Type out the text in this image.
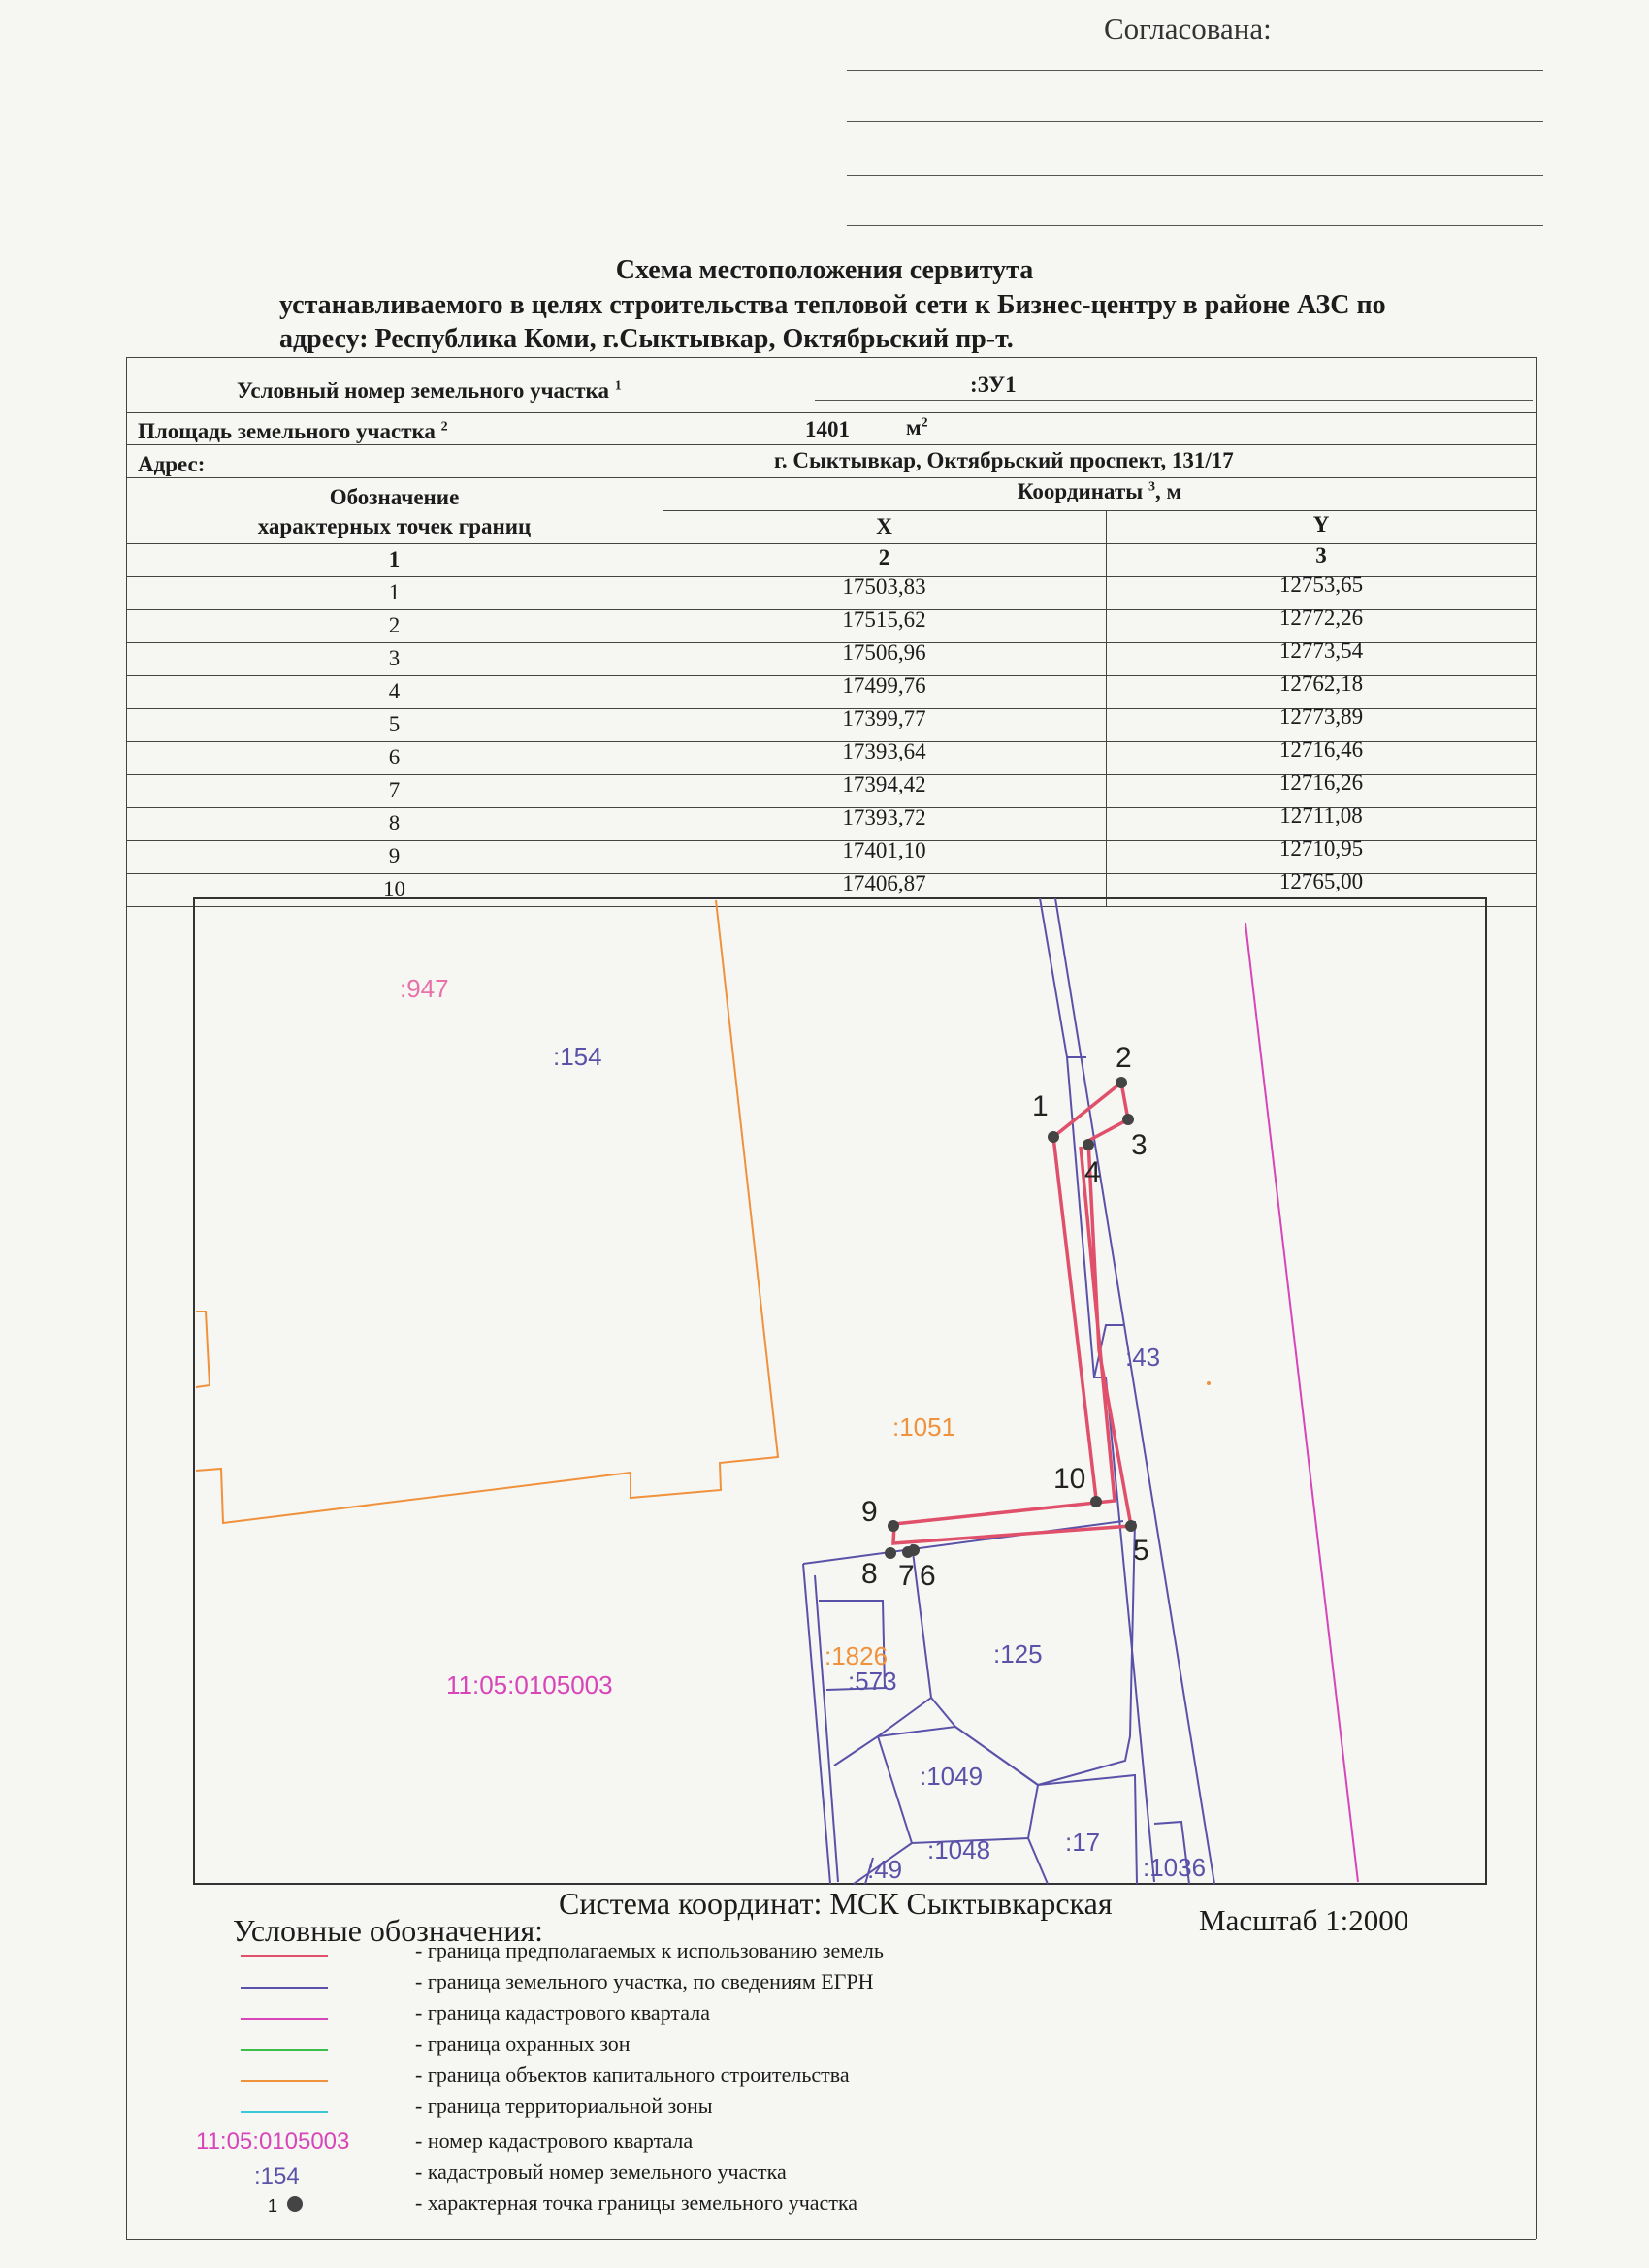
Согласована:
Схема местоположения сервитута
устанавливаемого в целях строительства тепловой сети к Бизнес-центру в районе АЗС по
адресу: Республика Коми, г.Сыктывкар, Октябрьский пр-т.
Условный номер земельного участка $^1$	:ЗУ1
Площадь земельного участка $^2$	1401	$м^2$
Адрес:	г. Сыктывкар, Октябрьский проспект, 131/17
Обозначение
характерных точек границ
Координаты $^3$, м
X	Y
1	2	3
1	17503,83	12753,65
2	17515,62	12772,26
3	17506,96	12773,54
4	17499,76	12762,18
5	17399,77	12773,89
6	17393,64	12716,46
7	17394,42	12716,26
8	17393,72	12711,08
9	17401,10	12710,95
10	17406,87	12765,00
1
2
3
4
5
6
7
8
9
10
:947
:154
:43
:1051
:1826
:573
:125
:1049
:1048	:17
:49	:1036
11:05:0105003
Система координат: МСК Сыктывкарская	Масштаб 1:2000
Условные обозначения:
- граница предполагаемых к использованию земель
- граница земельного участка, по сведениям ЕГРН
- граница кадастрового квартала
- граница охранных зон
- граница объектов капитального строительства
- граница территориальной зоны
11:05:0105003	- номер кадастрового квартала
:154	- кадастровый номер земельного участка
1	- характерная точка границы земельного участка
